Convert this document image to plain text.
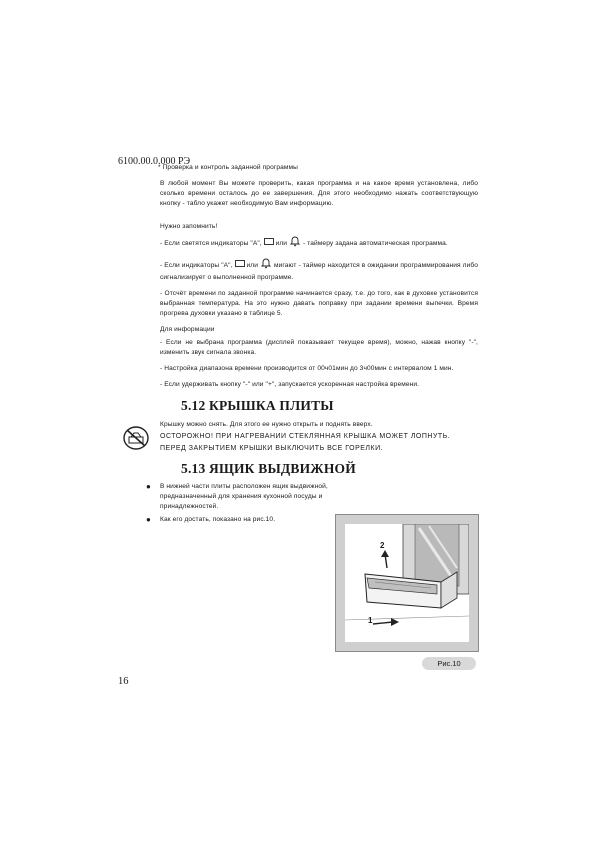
6100.00.0.000 РЭ
* Проверка и контроль заданной программы
В любой момент Вы можете проверить, какая программа и на какое время установлена, либо сколько времени осталось до ее завершения. Для этого необходимо нажать соответствующую кнопку - табло укажет необходимую Вам информацию.
Нужно запомнить!
- Если светятся индикаторы "А", или - таймеру задана автоматическая программа.
- Если индикаторы "А", или мигают - таймер находится в ожидании программирования либо сигнализирует о выполненной программе.
- Отсчёт времени по заданной программе начинается сразу, т.е. до того, как в духовке установится выбранная температура. На это нужно давать поправку при задании времени выпечки. Время прогрева духовки указано в таблице 5.
Для информации
- Если не выбрана программа (дисплей показывает текущее время), можно, нажав кнопку "-", изменить звук сигнала звонка.
- Настройка диапазона времени производится от 00ч01мин до 3ч00мин с интервалом 1 мин.
- Если удерживать кнопку "-" или "+", запускается ускоренная настройка времени.
5.12 КРЫШКА ПЛИТЫ
Крышку можно снять. Для этого ее нужно открыть и поднять вверх.
ОСТОРОЖНО! ПРИ НАГРЕВАНИИ СТЕКЛЯННАЯ КРЫШКА МОЖЕТ ЛОПНУТЬ.
ПЕРЕД ЗАКРЫТИЕМ КРЫШКИ ВЫКЛЮЧИТЬ ВСЕ ГОРЕЛКИ.
5.13 ЯЩИК ВЫДВИЖНОЙ
● В нижней части плиты расположен ящик выдвижной, предназначенный для хранения кухонной посуды и принадлежностей.
● Как его достать, показано на рис.10.
2
1
Рис.10
16
